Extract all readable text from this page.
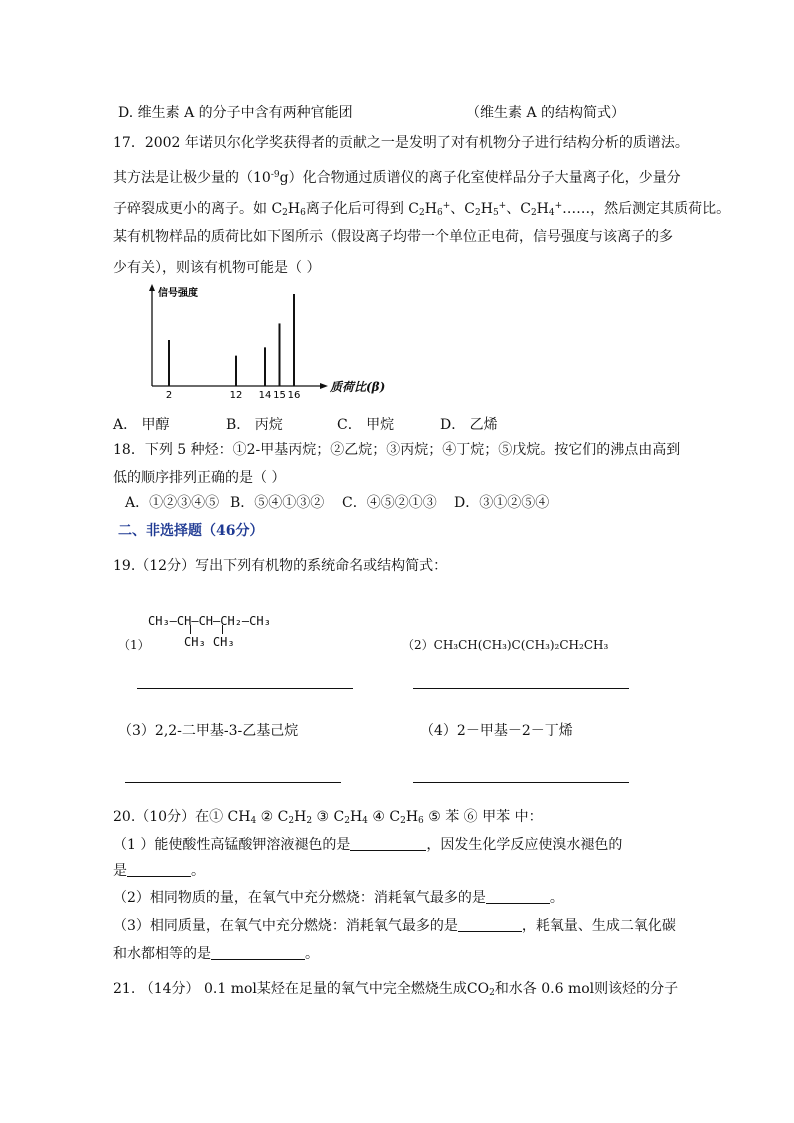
D. 维生素 A 的分子中含有两种官能团	（维生素 A 的结构简式）
17．2002 年诺贝尔化学奖获得者的贡献之一是发明了对有机物分子进行结构分析的质谱法。
其方法是让极少量的$(10^{-9}g)$化合物通过质谱仪的离子化室使样品分子大量离子化，少量分
子碎裂成更小的离子。如 $C_2H_6$离子化后可得到 $C_2H_6^+$、$C_2H_5^+$、$C_2H_4^+\dots\dots$，然后测定其质荷比。
某有机物样品的质荷比如下图所示（假设离子均带一个单位正电荷，信号强度与该离子的多
少有关），则该有机物可能是（ ）
信号强度
2	12 14 15 16
质荷比(β)
A． 甲醇	B． 丙烷	C． 甲烷	D． 乙烯
18．下列 5 种烃：①2-甲基丙烷；②乙烷；③丙烷；④丁烷；⑤戊烷。按它们的沸点由高到
低的顺序排列正确的是（ ）
A．①②③④⑤ B．⑤④①③② C．④⑤②①③ D．③①②⑤④
二、非选择题（46分）
19.（12分）写出下列有机物的系统命名或结构简式：
CH₃—CH—CH—CH₂—CH₃
CH₃ CH₃
（1）	（2）CH₃CH(CH₃)C(CH₃)₂CH₂CH₃
（3）2,2-二甲基-3-乙基己烷	（4）2－甲基－2－丁烯
20.（10分）在① $CH_4$ ② $C_2H_2$ ③ $C_2H_4$ ④ $C_2H_6$ ⑤ 苯 ⑥ 甲苯 中：
（1 ）能使酸性高锰酸钾溶液褪色的是	，因发生化学反应使溴水褪色的
是	。
（2）相同物质的量，在氧气中充分燃烧：消耗氧气最多的是	。
（3）相同质量，在氧气中充分燃烧：消耗氧气最多的是	，耗氧量、生成二氧化碳
和水都相等的是	。
21. （14分） 0.1 mol某烃在足量的氧气中完全燃烧生成$CO_2$和水各 0.6 mol则该烃的分子
